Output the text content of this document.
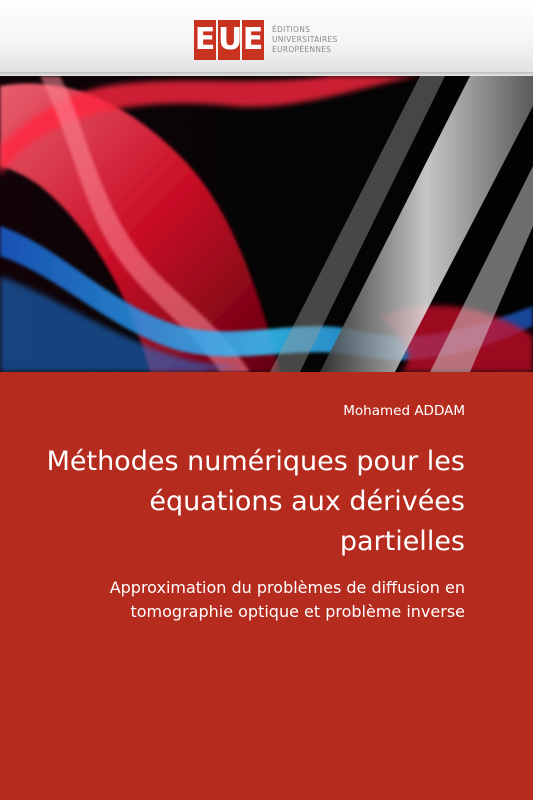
E U E ÉDITIONS
UNIVERSITAIRES
EUROPÉENNES
Mohamed ADDAM
Méthodes numériques pour les équations aux dérivées partielles
Approximation du problèmes de diffusion en tomographie optique et problème inverse
